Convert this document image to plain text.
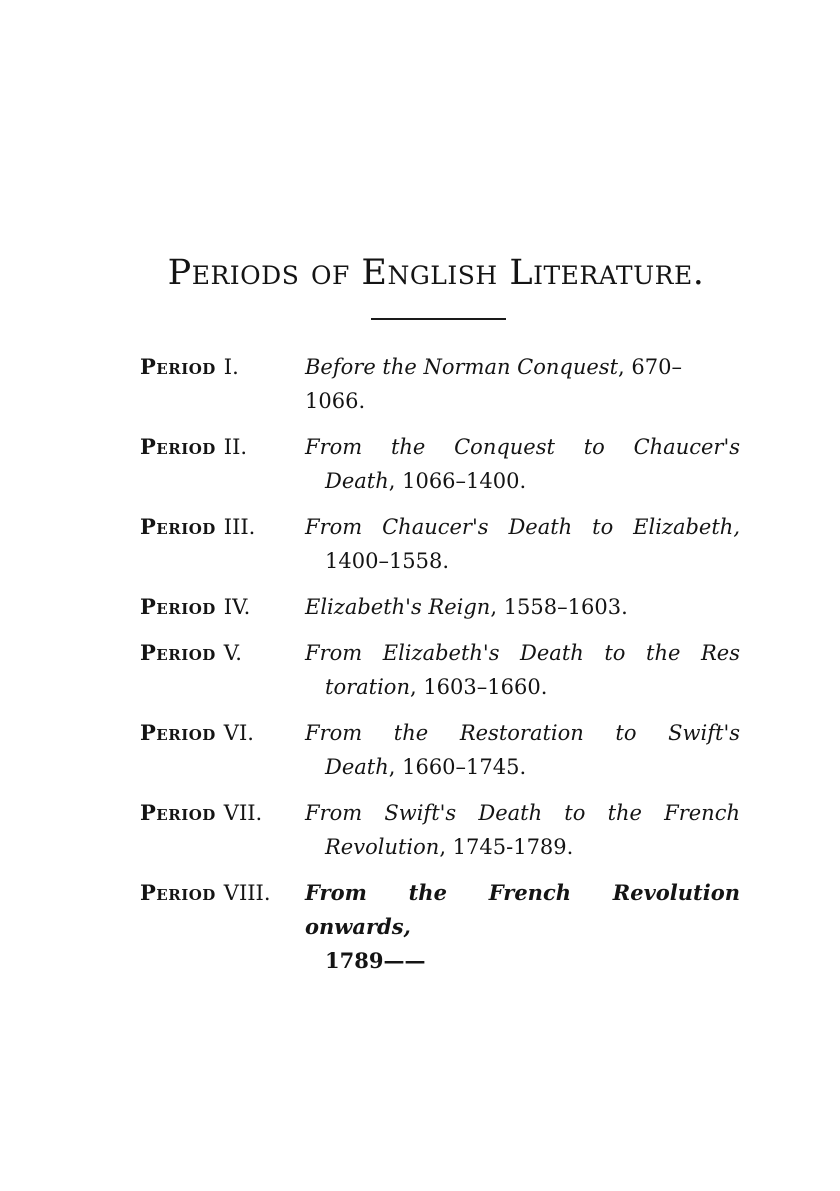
Periods of English Literature.
Period I.	Before the Norman Conquest, 670–1066.
Period II.	From the Conquest to Chaucer's
Death, 1066–1400.
Period III.	From Chaucer's Death to Elizabeth,
1400–1558.
Period IV.	Elizabeth's Reign, 1558–1603.
Period V.	From Elizabeth's Death to the Res
toration, 1603–1660.
Period VI.	From the Restoration to Swift's
Death, 1660–1745.
Period VII.	From Swift's Death to the French
Revolution, 1745-1789.
Period VIII.	From the French Revolution onwards,
1789——
